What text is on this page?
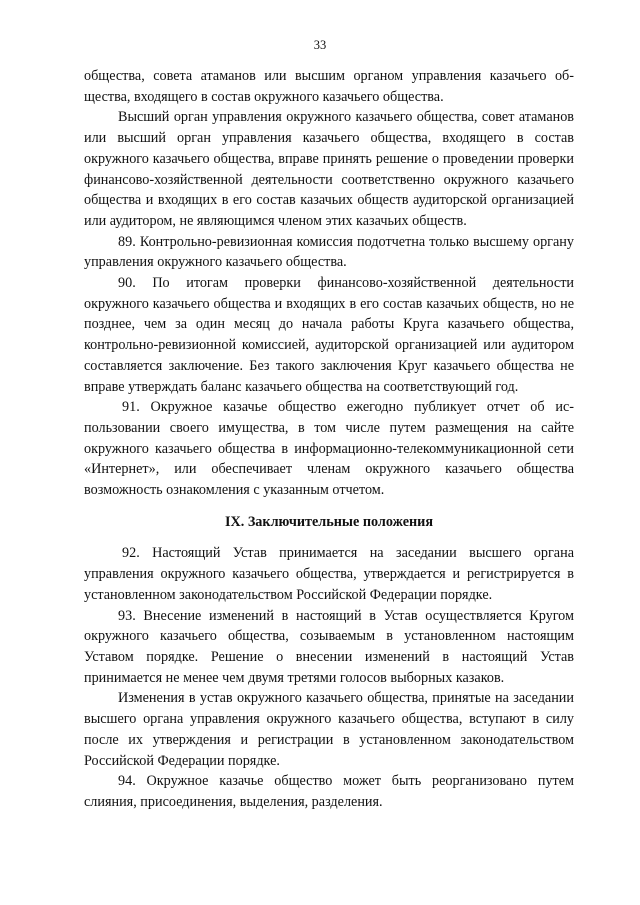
33

общества, совета атаманов или высшим органом управления казачьего общества, входящего в состав окружного казачьего общества.

Высший орган управления окружного казачьего общества, совет атаманов или высший орган управления казачьего общества, входящего в состав окружного казачьего общества, вправе принять решение о проведении проверки финансово-хозяйственной деятельности соответственно окружного казачьего общества и входящих в его состав казачьих обществ аудиторской организацией или аудитором, не являющимся членом этих казачьих обществ.

89. Контрольно-ревизионная комиссия подотчетна только высшему органу управления окружного казачьего общества.

90. По итогам проверки финансово-хозяйственной деятельности окружного казачьего общества и входящих в его состав казачьих обществ, но не позднее, чем за один месяц до начала работы Круга казачьего общества, контрольно-ревизионной комиссией, аудиторской организацией или аудитором составляется заключение. Без такого заключения Круг казачьего общества не вправе утверждать баланс казачьего общества на соответствующий год.

91. Окружное казачье общество ежегодно публикует отчет об использовании своего имущества, в том числе путем размещения на сайте окружного казачьего общества в информационно-телекоммуникационной сети «Интернет», или обеспечивает членам окружного казачьего общества возможность ознакомления с указанным отчетом.

IX. Заключительные положения

92. Настоящий Устав принимается на заседании высшего органа управления окружного казачьего общества, утверждается и регистрируется в установленном законодательством Российской Федерации порядке.

93. Внесение изменений в настоящий в Устав осуществляется Кругом окружного казачьего общества, созываемым в установленном настоящим Уставом порядке. Решение о внесении изменений в настоящий Устав принимается не менее чем двумя третями голосов выборных казаков.

Изменения в устав окружного казачьего общества, принятые на заседании высшего органа управления окружного казачьего общества, вступают в силу после их утверждения и регистрации в установленном законодательством Российской Федерации порядке.

94. Окружное казачье общество может быть реорганизовано путем слияния, присоединения, выделения, разделения.
